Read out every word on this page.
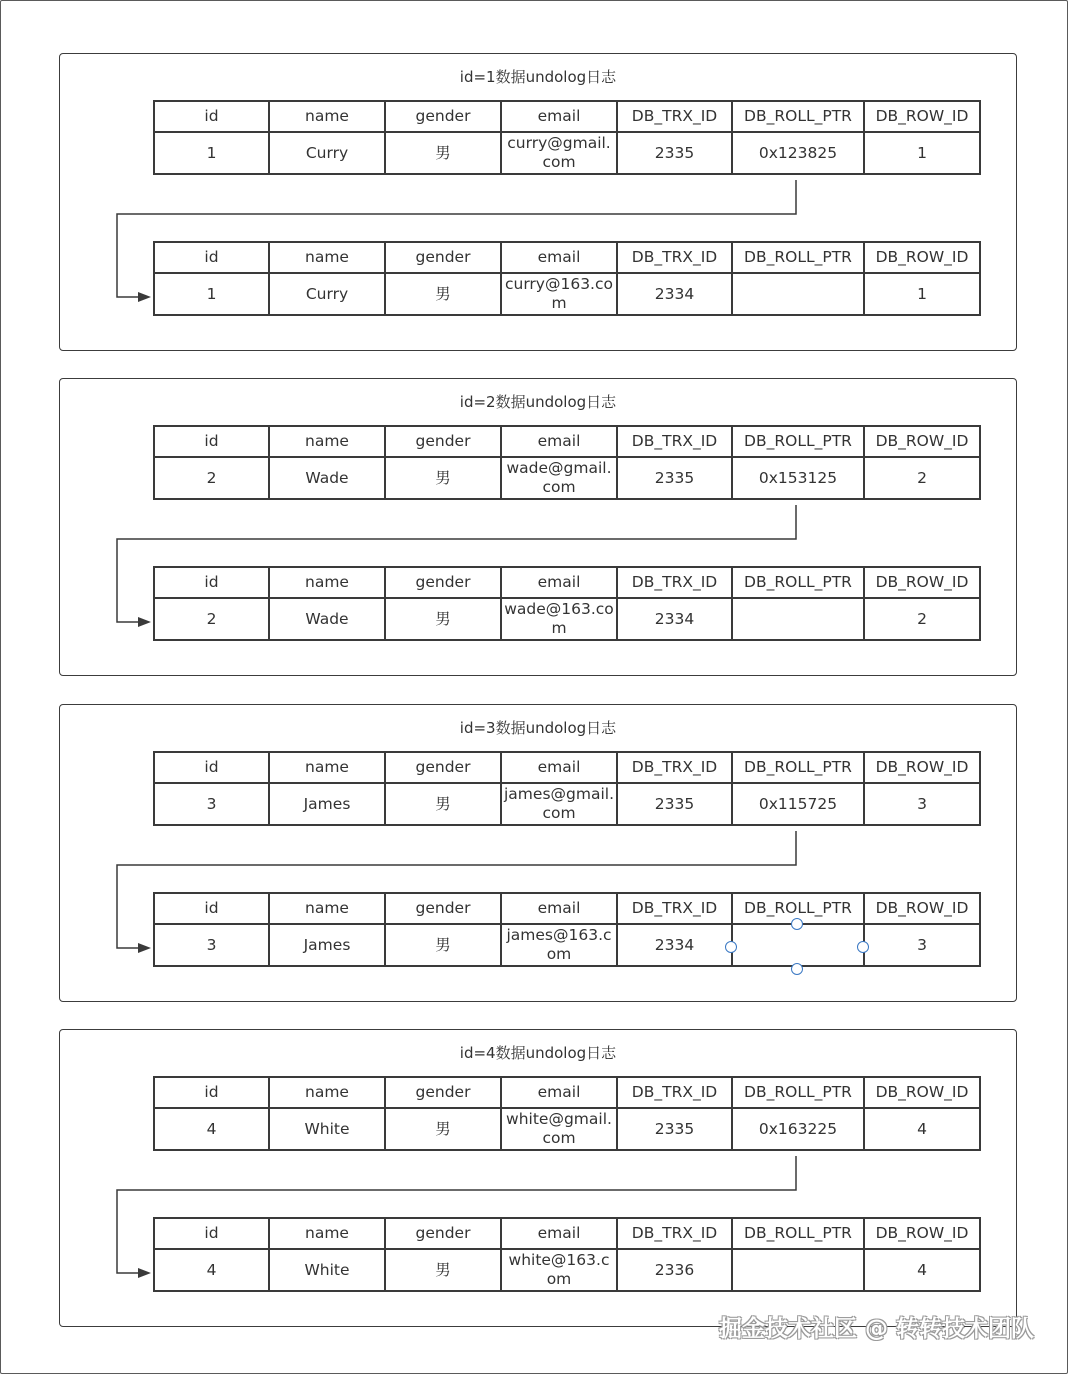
id=1数据undolog日志
id	name	gender	email	DB_TRX_ID	DB_ROLL_PTR	DB_ROW_ID
1	Curry	男	curry@gmail.com	2335	0x123825	1
id	name	gender	email	DB_TRX_ID	DB_ROLL_PTR	DB_ROW_ID
1	Curry	男	curry@163.com	2334		1
id=2数据undolog日志
id	name	gender	email	DB_TRX_ID	DB_ROLL_PTR	DB_ROW_ID
2	Wade	男	wade@gmail.com	2335	0x153125	2
id	name	gender	email	DB_TRX_ID	DB_ROLL_PTR	DB_ROW_ID
2	Wade	男	wade@163.com	2334		2
id=3数据undolog日志
id	name	gender	email	DB_TRX_ID	DB_ROLL_PTR	DB_ROW_ID
3	James	男	james@gmail.com	2335	0x115725	3
id	name	gender	email	DB_TRX_ID	DB_ROLL_PTR	DB_ROW_ID
3	James	男	james@163.com	2334		3
id=4数据undolog日志
id	name	gender	email	DB_TRX_ID	DB_ROLL_PTR	DB_ROW_ID
4	White	男	white@gmail.com	2335	0x163225	4
id	name	gender	email	DB_TRX_ID	DB_ROLL_PTR	DB_ROW_ID
4	White	男	white@163.com	2336		4
掘金技术社区 @ 转转技术团队
